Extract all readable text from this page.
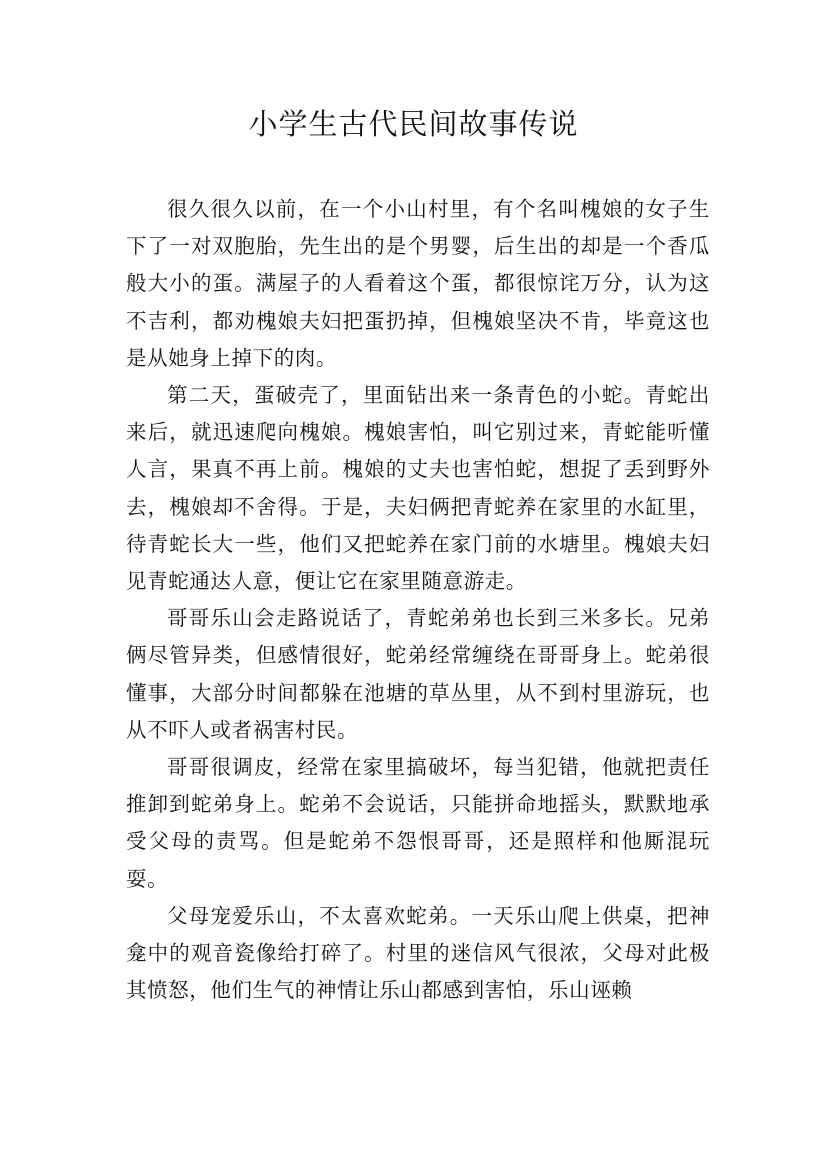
小学生古代民间故事传说

很久很久以前，在一个小山村里，有个名叫槐娘的女子生下了一对双胞胎，先生出的是个男婴，后生出的却是一个香瓜般大小的蛋。满屋子的人看着这个蛋，都很惊诧万分，认为这不吉利，都劝槐娘夫妇把蛋扔掉，但槐娘坚决不肯，毕竟这也是从她身上掉下的肉。

第二天，蛋破壳了，里面钻出来一条青色的小蛇。青蛇出来后，就迅速爬向槐娘。槐娘害怕，叫它别过来，青蛇能听懂人言，果真不再上前。槐娘的丈夫也害怕蛇，想捉了丢到野外去，槐娘却不舍得。于是，夫妇俩把青蛇养在家里的水缸里，待青蛇长大一些，他们又把蛇养在家门前的水塘里。槐娘夫妇见青蛇通达人意，便让它在家里随意游走。

哥哥乐山会走路说话了，青蛇弟弟也长到三米多长。兄弟俩尽管异类，但感情很好，蛇弟经常缠绕在哥哥身上。蛇弟很懂事，大部分时间都躲在池塘的草丛里，从不到村里游玩，也从不吓人或者祸害村民。

哥哥很调皮，经常在家里搞破坏，每当犯错，他就把责任推卸到蛇弟身上。蛇弟不会说话，只能拼命地摇头，默默地承受父母的责骂。但是蛇弟不怨恨哥哥，还是照样和他厮混玩耍。

父母宠爱乐山，不太喜欢蛇弟。一天乐山爬上供桌，把神龛中的观音瓷像给打碎了。村里的迷信风气很浓，父母对此极其愤怒，他们生气的神情让乐山都感到害怕，乐山诬赖
